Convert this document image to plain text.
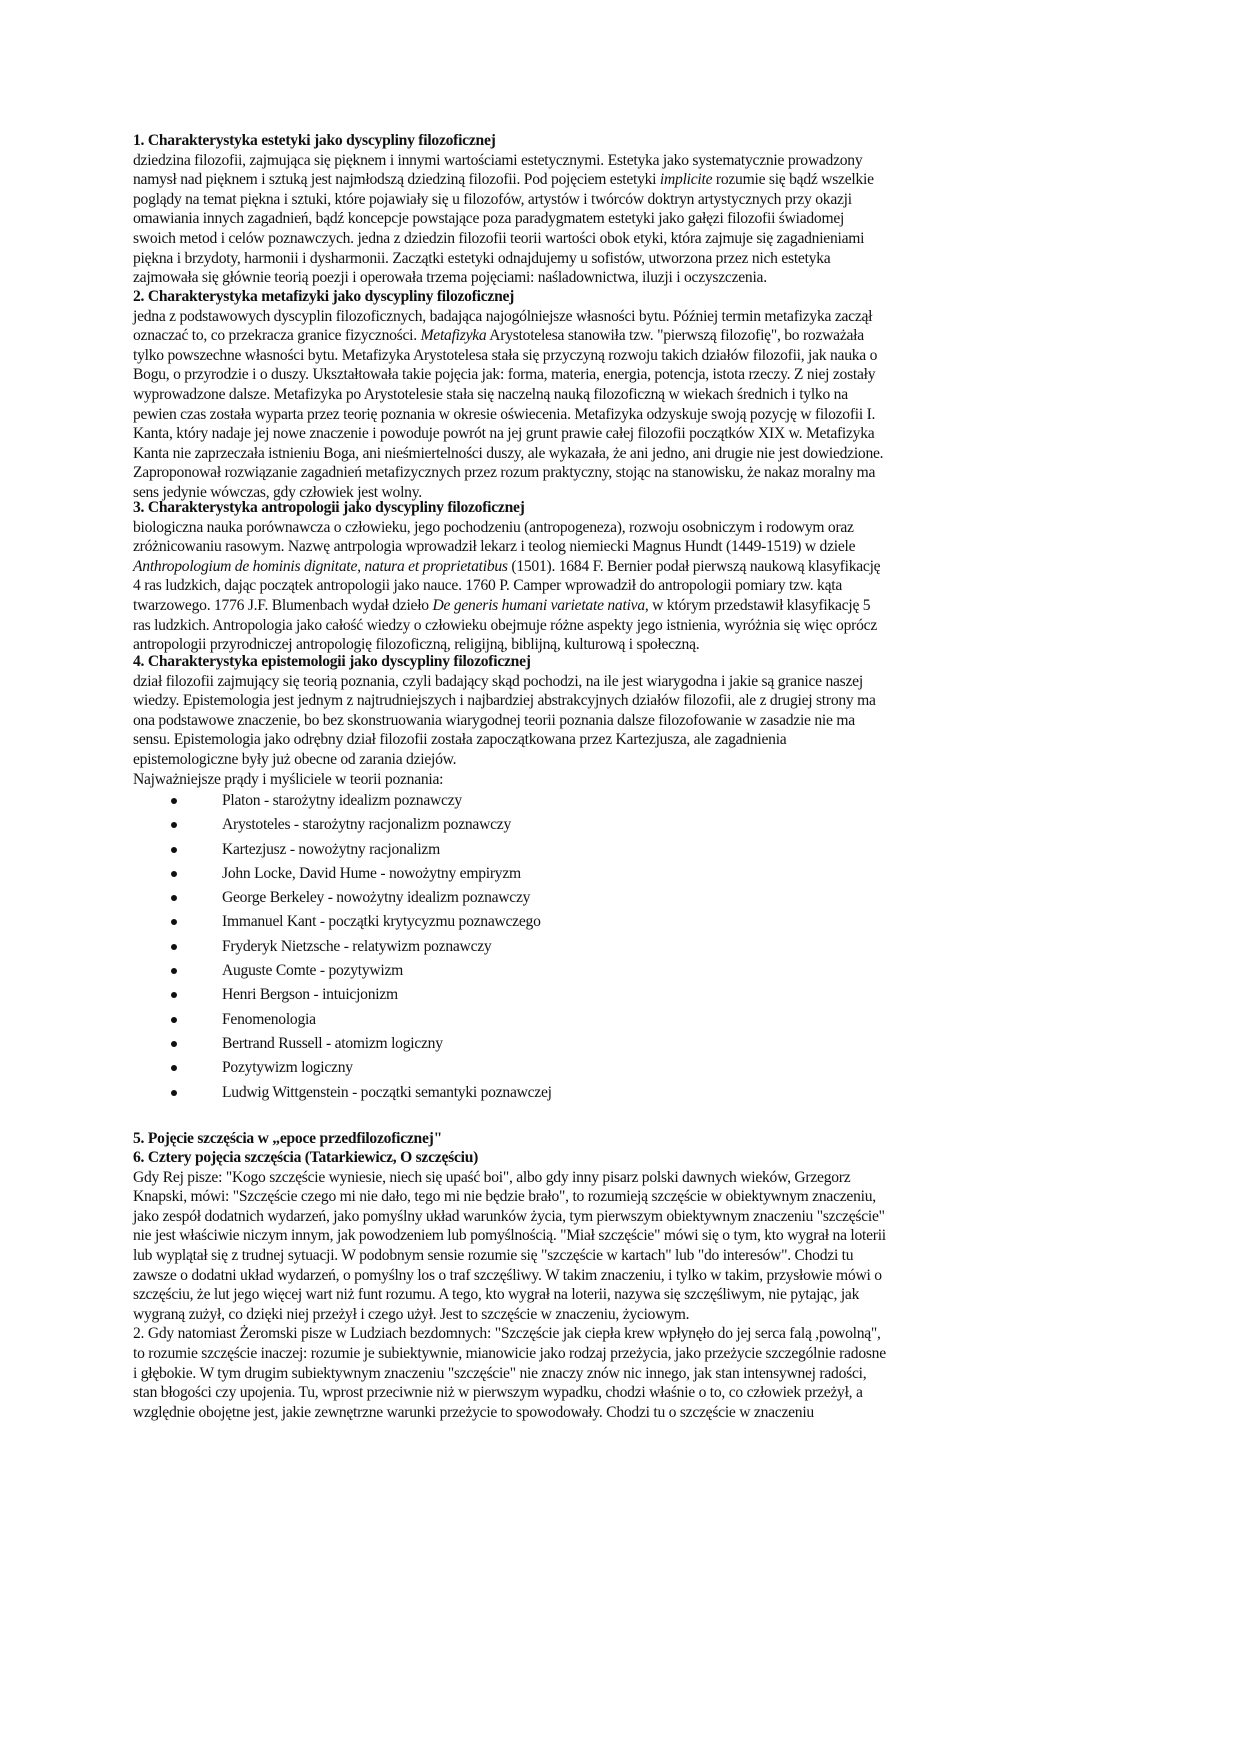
1. Charakterystyka estetyki jako dyscypliny filozoficznej
dziedzina filozofii, zajmująca się pięknem i innymi wartościami estetycznymi. Estetyka jako systematycznie prowadzony
namysł nad pięknem i sztuką jest najmłodszą dziedziną filozofii. Pod pojęciem estetyki implicite rozumie się bądź wszelkie
poglądy na temat piękna i sztuki, które pojawiały się u filozofów, artystów i twórców doktryn artystycznych przy okazji
omawiania innych zagadnień, bądź koncepcje powstające poza paradygmatem estetyki jako gałęzi filozofii świadomej
swoich metod i celów poznawczych. jedna z dziedzin filozofii teorii wartości obok etyki, która zajmuje się zagadnieniami
piękna i brzydoty, harmonii i dysharmonii. Zaczątki estetyki odnajdujemy u sofistów, utworzona przez nich estetyka
zajmowała się głównie teorią poezji i operowała trzema pojęciami: naśladownictwa, iluzji i oczyszczenia.
2. Charakterystyka metafizyki jako dyscypliny filozoficznej
jedna z podstawowych dyscyplin filozoficznych, badająca najogólniejsze własności bytu. Później termin metafizyka zaczął
oznaczać to, co przekracza granice fizyczności. Metafizyka Arystotelesa stanowiła tzw. "pierwszą filozofię", bo rozważała
tylko powszechne własności bytu. Metafizyka Arystotelesa stała się przyczyną rozwoju takich działów filozofii, jak nauka o
Bogu, o przyrodzie i o duszy. Ukształtowała takie pojęcia jak: forma, materia, energia, potencja, istota rzeczy. Z niej zostały
wyprowadzone dalsze. Metafizyka po Arystotelesie stała się naczelną nauką filozoficzną w wiekach średnich i tylko na
pewien czas została wyparta przez teorię poznania w okresie oświecenia. Metafizyka odzyskuje swoją pozycję w filozofii I.
Kanta, który nadaje jej nowe znaczenie i powoduje powrót na jej grunt prawie całej filozofii początków XIX w. Metafizyka
Kanta nie zaprzeczała istnieniu Boga, ani nieśmiertelności duszy, ale wykazała, że ani jedno, ani drugie nie jest dowiedzione.
Zaproponował rozwiązanie zagadnień metafizycznych przez rozum praktyczny, stojąc na stanowisku, że nakaz moralny ma
sens jedynie wówczas, gdy człowiek jest wolny.
3. Charakterystyka antropologii jako dyscypliny filozoficznej
biologiczna nauka porównawcza o człowieku, jego pochodzeniu (antropogeneza), rozwoju osobniczym i rodowym oraz
zróżnicowaniu rasowym. Nazwę antrpologia wprowadził lekarz i teolog niemiecki Magnus Hundt (1449-1519) w dziele
Anthropologium de hominis dignitate, natura et proprietatibus (1501). 1684 F. Bernier podał pierwszą naukową klasyfikację
4 ras ludzkich, dając początek antropologii jako nauce. 1760 P. Camper wprowadził do antropologii pomiary tzw. kąta
twarzowego. 1776 J.F. Blumenbach wydał dzieło De generis humani varietate nativa, w którym przedstawił klasyfikację 5
ras ludzkich. Antropologia jako całość wiedzy o człowieku obejmuje różne aspekty jego istnienia, wyróżnia się więc oprócz
antropologii przyrodniczej antropologię filozoficzną, religijną, biblijną, kulturową i społeczną.
4. Charakterystyka epistemologii jako dyscypliny filozoficznej
dział filozofii zajmujący się teorią poznania, czyli badający skąd pochodzi, na ile jest wiarygodna i jakie są granice naszej
wiedzy. Epistemologia jest jednym z najtrudniejszych i najbardziej abstrakcyjnych działów filozofii, ale z drugiej strony ma
ona podstawowe znaczenie, bo bez skonstruowania wiarygodnej teorii poznania dalsze filozofowanie w zasadzie nie ma
sensu. Epistemologia jako odrębny dział filozofii została zapoczątkowana przez Kartezjusza, ale zagadnienia
epistemologiczne były już obecne od zarania dziejów.
Najważniejsze prądy i myśliciele w teorii poznania:
Platon - starożytny idealizm poznawczy
Arystoteles - starożytny racjonalizm poznawczy
Kartezjusz - nowożytny racjonalizm
John Locke, David Hume - nowożytny empiryzm
George Berkeley - nowożytny idealizm poznawczy
Immanuel Kant - początki krytycyzmu poznawczego
Fryderyk Nietzsche - relatywizm poznawczy
Auguste Comte - pozytywizm
Henri Bergson - intuicjonizm
Fenomenologia
Bertrand Russell - atomizm logiczny
Pozytywizm logiczny
Ludwig Wittgenstein - początki semantyki poznawczej
5. Pojęcie szczęścia w „epoce przedfilozoficznej"
6. Cztery pojęcia szczęścia (Tatarkiewicz, O szczęściu)
Gdy Rej pisze: "Kogo szczęście wyniesie, niech się upaść boi", albo gdy inny pisarz polski dawnych wieków, Grzegorz
Knapski, mówi: "Szczęście czego mi nie dało, tego mi nie będzie brało", to rozumieją szczęście w obiektywnym znaczeniu,
jako zespół dodatnich wydarzeń, jako pomyślny układ warunków życia, tym pierwszym obiektywnym znaczeniu "szczęście"
nie jest właściwie niczym innym, jak powodzeniem lub pomyślnością. "Miał szczęście" mówi się o tym, kto wygrał na loterii
lub wyplątał się z trudnej sytuacji. W podobnym sensie rozumie się "szczęście w kartach" lub "do interesów". Chodzi tu
zawsze o dodatni układ wydarzeń, o pomyślny los o traf szczęśliwy. W takim znaczeniu, i tylko w takim, przysłowie mówi o
szczęściu, że lut jego więcej wart niż funt rozumu. A tego, kto wygrał na loterii, nazywa się szczęśliwym, nie pytając, jak
wygraną zużył, co dzięki niej przeżył i czego użył. Jest to szczęście w znaczeniu, życiowym.
2. Gdy natomiast Żeromski pisze w Ludziach bezdomnych: "Szczęście jak ciepła krew wpłynęło do jej serca falą ,powolną",
to rozumie szczęście inaczej: rozumie je subiektywnie, mianowicie jako rodzaj przeżycia, jako przeżycie szczególnie radosne
i głębokie. W tym drugim subiektywnym znaczeniu "szczęście" nie znaczy znów nic innego, jak stan intensywnej radości,
stan błogości czy upojenia. Tu, wprost przeciwnie niż w pierwszym wypadku, chodzi właśnie o to, co człowiek przeżył, a
względnie obojętne jest, jakie zewnętrzne warunki przeżycie to spowodowały. Chodzi tu o szczęście w znaczeniu
